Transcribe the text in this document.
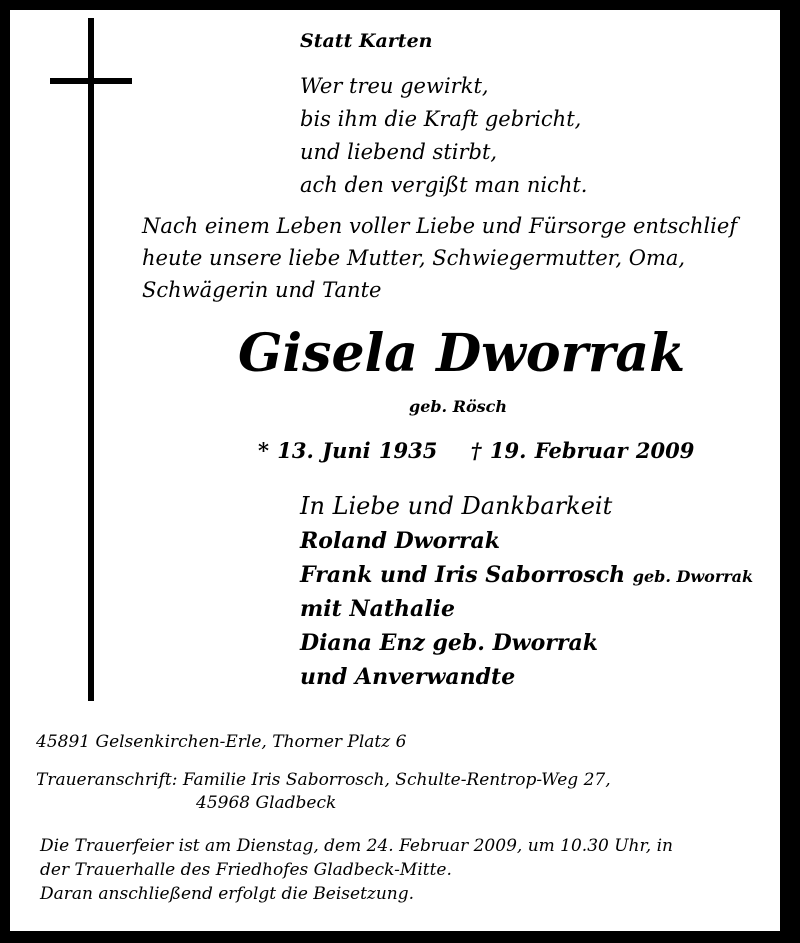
Statt Karten
Wer treu gewirkt,
bis ihm die Kraft gebricht,
und liebend stirbt,
ach den vergißt man nicht.
Nach einem Leben voller Liebe und Fürsorge entschlief
heute unsere liebe Mutter, Schwiegermutter, Oma,
Schwägerin und Tante
Gisela Dworrak
geb. Rösch
* 13. Juni 1935 † 19. Februar 2009
In Liebe und Dankbarkeit
Roland Dworrak
Frank und Iris Saborrosch geb. Dworrak
mit Nathalie
Diana Enz geb. Dworrak
und Anverwandte
45891 Gelsenkirchen-Erle, Thorner Platz 6
Traueranschrift: Familie Iris Saborrosch, Schulte-Rentrop-Weg 27,
45968 Gladbeck
Die Trauerfeier ist am Dienstag, dem 24. Februar 2009, um 10.30 Uhr, in
der Trauerhalle des Friedhofes Gladbeck-Mitte.
Daran anschließend erfolgt die Beisetzung.
